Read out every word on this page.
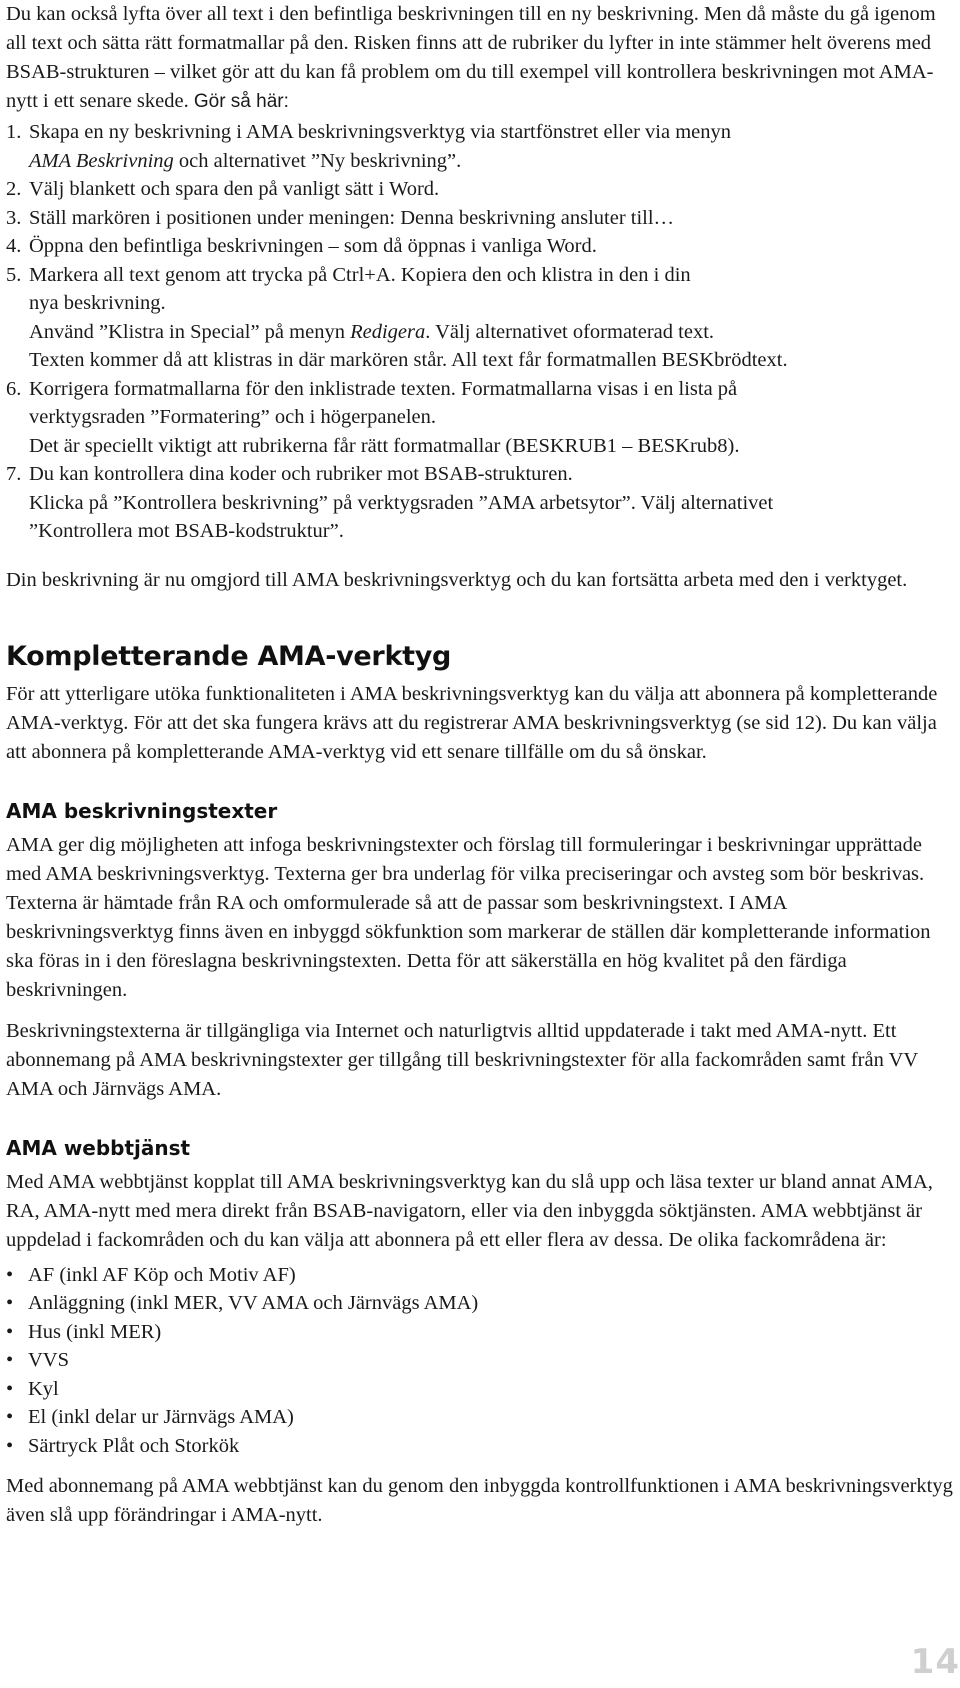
Du kan också lyfta över all text i den befintliga beskrivningen till en ny beskrivning. Men då måste du gå igenom all text och sätta rätt formatmallar på den. Risken finns att de rubriker du lyfter in inte stämmer helt överens med BSAB-strukturen – vilket gör att du kan få problem om du till exempel vill kontrollera beskrivningen mot AMA-nytt i ett senare skede. Gör så här:

1. Skapa en ny beskrivning i AMA beskrivningsverktyg via startfönstret eller via menyn
AMA Beskrivning och alternativet ”Ny beskrivning”.
2. Välj blankett och spara den på vanligt sätt i Word.
3. Ställ markören i positionen under meningen: Denna beskrivning ansluter till…
4. Öppna den befintliga beskrivningen – som då öppnas i vanliga Word.
5. Markera all text genom att trycka på Ctrl+A. Kopiera den och klistra in den i din
nya beskrivning.
Använd ”Klistra in Special” på menyn Redigera. Välj alternativet oformaterad text.
Texten kommer då att klistras in där markören står. All text får formatmallen BESKbrödtext.
6. Korrigera formatmallarna för den inklistrade texten. Formatmallarna visas i en lista på
verktygsraden ”Formatering” och i högerpanelen.
Det är speciellt viktigt att rubrikerna får rätt formatmallar (BESKRUB1 – BESKrub8).
7. Du kan kontrollera dina koder och rubriker mot BSAB-strukturen.
Klicka på ”Kontrollera beskrivning” på verktygsraden ”AMA arbetsytor”. Välj alternativet
”Kontrollera mot BSAB-kodstruktur”.

Din beskrivning är nu omgjord till AMA beskrivningsverktyg och du kan fortsätta arbeta med den i verktyget.

Kompletterande AMA-verktyg

För att ytterligare utöka funktionaliteten i AMA beskrivningsverktyg kan du välja att abonnera på kompletterande AMA-verktyg. För att det ska fungera krävs att du registrerar AMA beskrivningsverktyg (se sid 12). Du kan välja att abonnera på kompletterande AMA-verktyg vid ett senare tillfälle om du så önskar.

AMA beskrivningstexter

AMA ger dig möjligheten att infoga beskrivningstexter och förslag till formuleringar i beskrivningar upprättade med AMA beskrivningsverktyg. Texterna ger bra underlag för vilka preciseringar och avsteg som bör beskrivas. Texterna är hämtade från RA och omformulerade så att de passar som beskrivningstext. I AMA beskrivningsverktyg finns även en inbyggd sökfunktion som markerar de ställen där kompletterande information ska föras in i den föreslagna beskrivningstexten. Detta för att säkerställa en hög kvalitet på den färdiga beskrivningen.

Beskrivningstexterna är tillgängliga via Internet och naturligtvis alltid uppdaterade i takt med AMA-nytt. Ett abonnemang på AMA beskrivningstexter ger tillgång till beskrivningstexter för alla fackområden samt från VV AMA och Järnvägs AMA.

AMA webbtjänst

Med AMA webbtjänst kopplat till AMA beskrivningsverktyg kan du slå upp och läsa texter ur bland annat AMA, RA, AMA-nytt med mera direkt från BSAB-navigatorn, eller via den inbyggda söktjänsten. AMA webbtjänst är uppdelad i fackområden och du kan välja att abonnera på ett eller flera av dessa. De olika fackområdena är:

• AF (inkl AF Köp och Motiv AF)
• Anläggning (inkl MER, VV AMA och Järnvägs AMA)
• Hus (inkl MER)
• VVS
• Kyl
• El (inkl delar ur Järnvägs AMA)
• Särtryck Plåt och Storkök

Med abonnemang på AMA webbtjänst kan du genom den inbyggda kontrollfunktionen i AMA beskrivningsverktyg även slå upp förändringar i AMA-nytt.

14
